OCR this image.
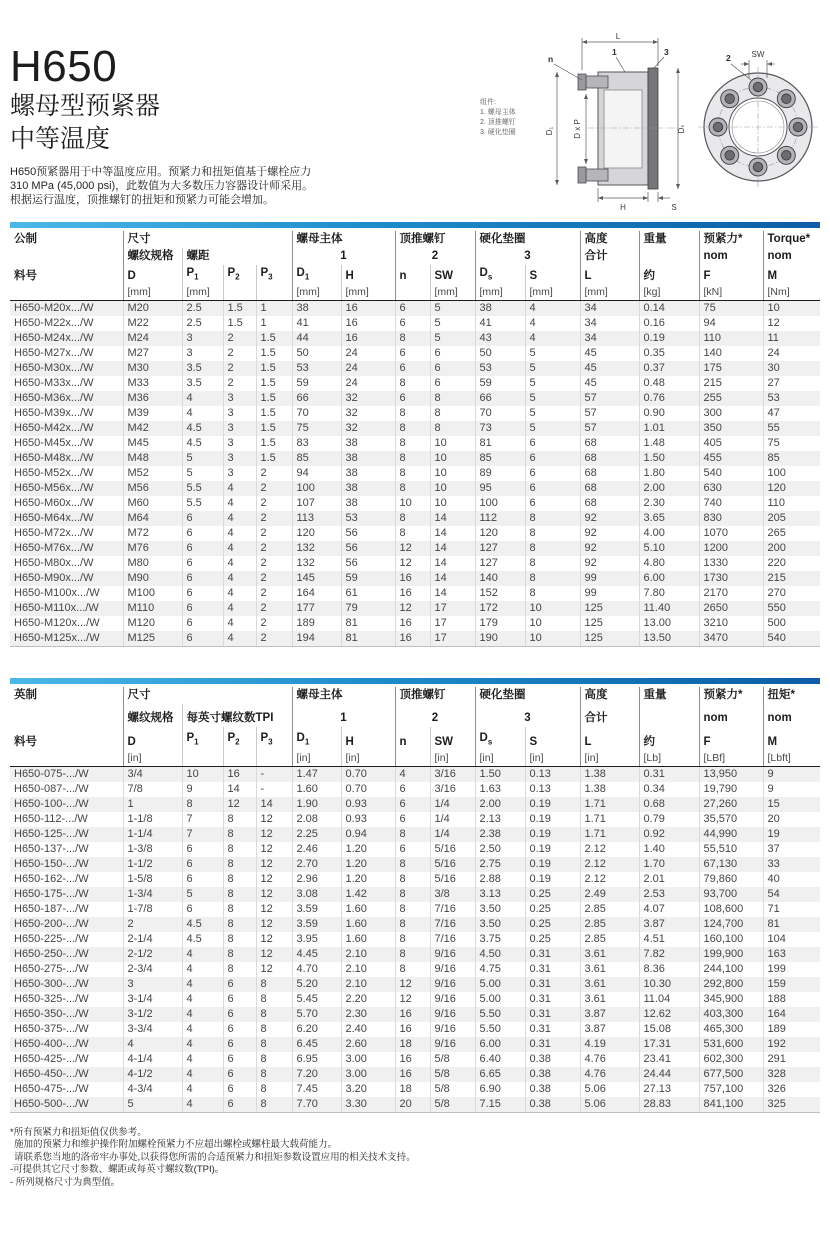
H650
螺母型预紧器
中等温度
H650预紧器用于中等温度应用。预紧力和扭矩值基于螺栓应力
310 MPa (45,000 psi)，此数值为大多数压力容器设计师采用。
根据运行温度，顶推螺钉的扭矩和预紧力可能会增加。
组件:
1. 螺母主体
2. 顶推螺钉
3. 硬化垫圈
L
n
1	3
D₁ D x P	Dₛ
H	S
SW
2
公制	尺寸				螺母主体		顶推螺钉		硬化垫圈		高度	重量	预紧力*	Torque*
	螺纹规格	螺距			1		2		3		合计		nom	nom
料号	D	$P_1$	$P_2$	$P_3$	$D_1$	H	n	SW	$D_s$	S	L	约	F	M
	[mm]	[mm]			[mm]	[mm]		[mm]	[mm]	[mm]	[mm]	[kg]	[kN]	[Nm]
H650-M20x.../W	M20	2.5	1.5	1	38	16	6	5	38	4	34	0.14	75	10
H650-M22x.../W	M22	2.5	1.5	1	41	16	6	5	41	4	34	0.16	94	12
H650-M24x.../W	M24	3	2	1.5	44	16	8	5	43	4	34	0.19	110	11
H650-M27x.../W	M27	3	2	1.5	50	24	6	6	50	5	45	0.35	140	24
H650-M30x.../W	M30	3.5	2	1.5	53	24	6	6	53	5	45	0.37	175	30
H650-M33x.../W	M33	3.5	2	1.5	59	24	8	6	59	5	45	0.48	215	27
H650-M36x.../W	M36	4	3	1.5	66	32	6	8	66	5	57	0.76	255	53
H650-M39x.../W	M39	4	3	1.5	70	32	8	8	70	5	57	0.90	300	47
H650-M42x.../W	M42	4.5	3	1.5	75	32	8	8	73	5	57	1.01	350	55
H650-M45x.../W	M45	4.5	3	1.5	83	38	8	10	81	6	68	1.48	405	75
H650-M48x.../W	M48	5	3	1.5	85	38	8	10	85	6	68	1.50	455	85
H650-M52x.../W	M52	5	3	2	94	38	8	10	89	6	68	1.80	540	100
H650-M56x.../W	M56	5.5	4	2	100	38	8	10	95	6	68	2.00	630	120
H650-M60x.../W	M60	5.5	4	2	107	38	10	10	100	6	68	2.30	740	110
H650-M64x.../W	M64	6	4	2	113	53	8	14	112	8	92	3.65	830	205
H650-M72x.../W	M72	6	4	2	120	56	8	14	120	8	92	4.00	1070	265
H650-M76x.../W	M76	6	4	2	132	56	12	14	127	8	92	5.10	1200	200
H650-M80x.../W	M80	6	4	2	132	56	12	14	127	8	92	4.80	1330	220
H650-M90x.../W	M90	6	4	2	145	59	16	14	140	8	99	6.00	1730	215
H650-M100x.../W	M100	6	4	2	164	61	16	14	152	8	99	7.80	2170	270
H650-M110x.../W	M110	6	4	2	177	79	12	17	172	10	125	11.40	2650	550
H650-M120x.../W	M120	6	4	2	189	81	16	17	179	10	125	13.00	3210	500
H650-M125x.../W	M125	6	4	2	194	81	16	17	190	10	125	13.50	3470	540
英制	尺寸				螺母主体		顶推螺钉		硬化垫圈		高度	重量	预紧力*	扭矩*
	螺纹规格	每英寸螺纹数TPI			1		2		3		合计		nom	nom
料号	D	$P_1$	$P_2$	$P_3$	$D_1$	H	n	SW	$D_s$	S	L	约	F	M
	[in]				[in]	[in]		[in]	[in]	[in]	[in]	[Lb]	[LBf]	[Lbft]
H650-075-.../W	3/4	10	16	-	1.47	0.70	4	3/16	1.50	0.13	1.38	0.31	13,950	9
H650-087-.../W	7/8	9	14	-	1.60	0.70	6	3/16	1.63	0.13	1.38	0.34	19,790	9
H650-100-.../W	1	8	12	14	1.90	0.93	6	1/4	2.00	0.19	1.71	0.68	27,260	15
H650-112-.../W	1-1/8	7	8	12	2.08	0.93	6	1/4	2.13	0.19	1.71	0.79	35,570	20
H650-125-.../W	1-1/4	7	8	12	2.25	0.94	8	1/4	2.38	0.19	1.71	0.92	44,990	19
H650-137-.../W	1-3/8	6	8	12	2.46	1.20	6	5/16	2.50	0.19	2.12	1.40	55,510	37
H650-150-.../W	1-1/2	6	8	12	2.70	1.20	8	5/16	2.75	0.19	2.12	1.70	67,130	33
H650-162-.../W	1-5/8	6	8	12	2.96	1.20	8	5/16	2.88	0.19	2.12	2.01	79,860	40
H650-175-.../W	1-3/4	5	8	12	3.08	1.42	8	3/8	3.13	0.25	2.49	2.53	93,700	54
H650-187-.../W	1-7/8	6	8	12	3.59	1.60	8	7/16	3.50	0.25	2.85	4.07	108,600	71
H650-200-.../W	2	4.5	8	12	3.59	1.60	8	7/16	3.50	0.25	2.85	3.87	124,700	81
H650-225-.../W	2-1/4	4.5	8	12	3.95	1.60	8	7/16	3.75	0.25	2.85	4.51	160,100	104
H650-250-.../W	2-1/2	4	8	12	4.45	2.10	8	9/16	4.50	0.31	3.61	7.82	199,900	163
H650-275-.../W	2-3/4	4	8	12	4.70	2.10	8	9/16	4.75	0.31	3.61	8.36	244,100	199
H650-300-.../W	3	4	6	8	5.20	2.10	12	9/16	5.00	0.31	3.61	10.30	292,800	159
H650-325-.../W	3-1/4	4	6	8	5.45	2.20	12	9/16	5.00	0.31	3.61	11.04	345,900	188
H650-350-.../W	3-1/2	4	6	8	5.70	2.30	16	9/16	5.50	0.31	3.87	12.62	403,300	164
H650-375-.../W	3-3/4	4	6	8	6.20	2.40	16	9/16	5.50	0.31	3.87	15.08	465,300	189
H650-400-.../W	4	4	6	8	6.45	2.60	18	9/16	6.00	0.31	4.19	17.31	531,600	192
H650-425-.../W	4-1/4	4	6	8	6.95	3.00	16	5/8	6.40	0.38	4.76	23.41	602,300	291
H650-450-.../W	4-1/2	4	6	8	7.20	3.00	16	5/8	6.65	0.38	4.76	24.44	677,500	328
H650-475-.../W	4-3/4	4	6	8	7.45	3.20	18	5/8	6.90	0.38	5.06	27.13	757,100	326
H650-500-.../W	5	4	6	8	7.70	3.30	20	5/8	7.15	0.38	5.06	28.83	841,100	325
*所有预紧力和扭矩值仅供参考。
施加的预紧力和维护操作附加螺栓预紧力不应超出螺栓或螺柱最大载荷能力。
请联系您当地的洛帝牢办事处,以获得您所需的合适预紧力和扭矩参数设置应用的相关技术支持。
-可提供其它尺寸参数、螺距或每英寸螺纹数(TPI)。
- 所列规格尺寸为典型值。
